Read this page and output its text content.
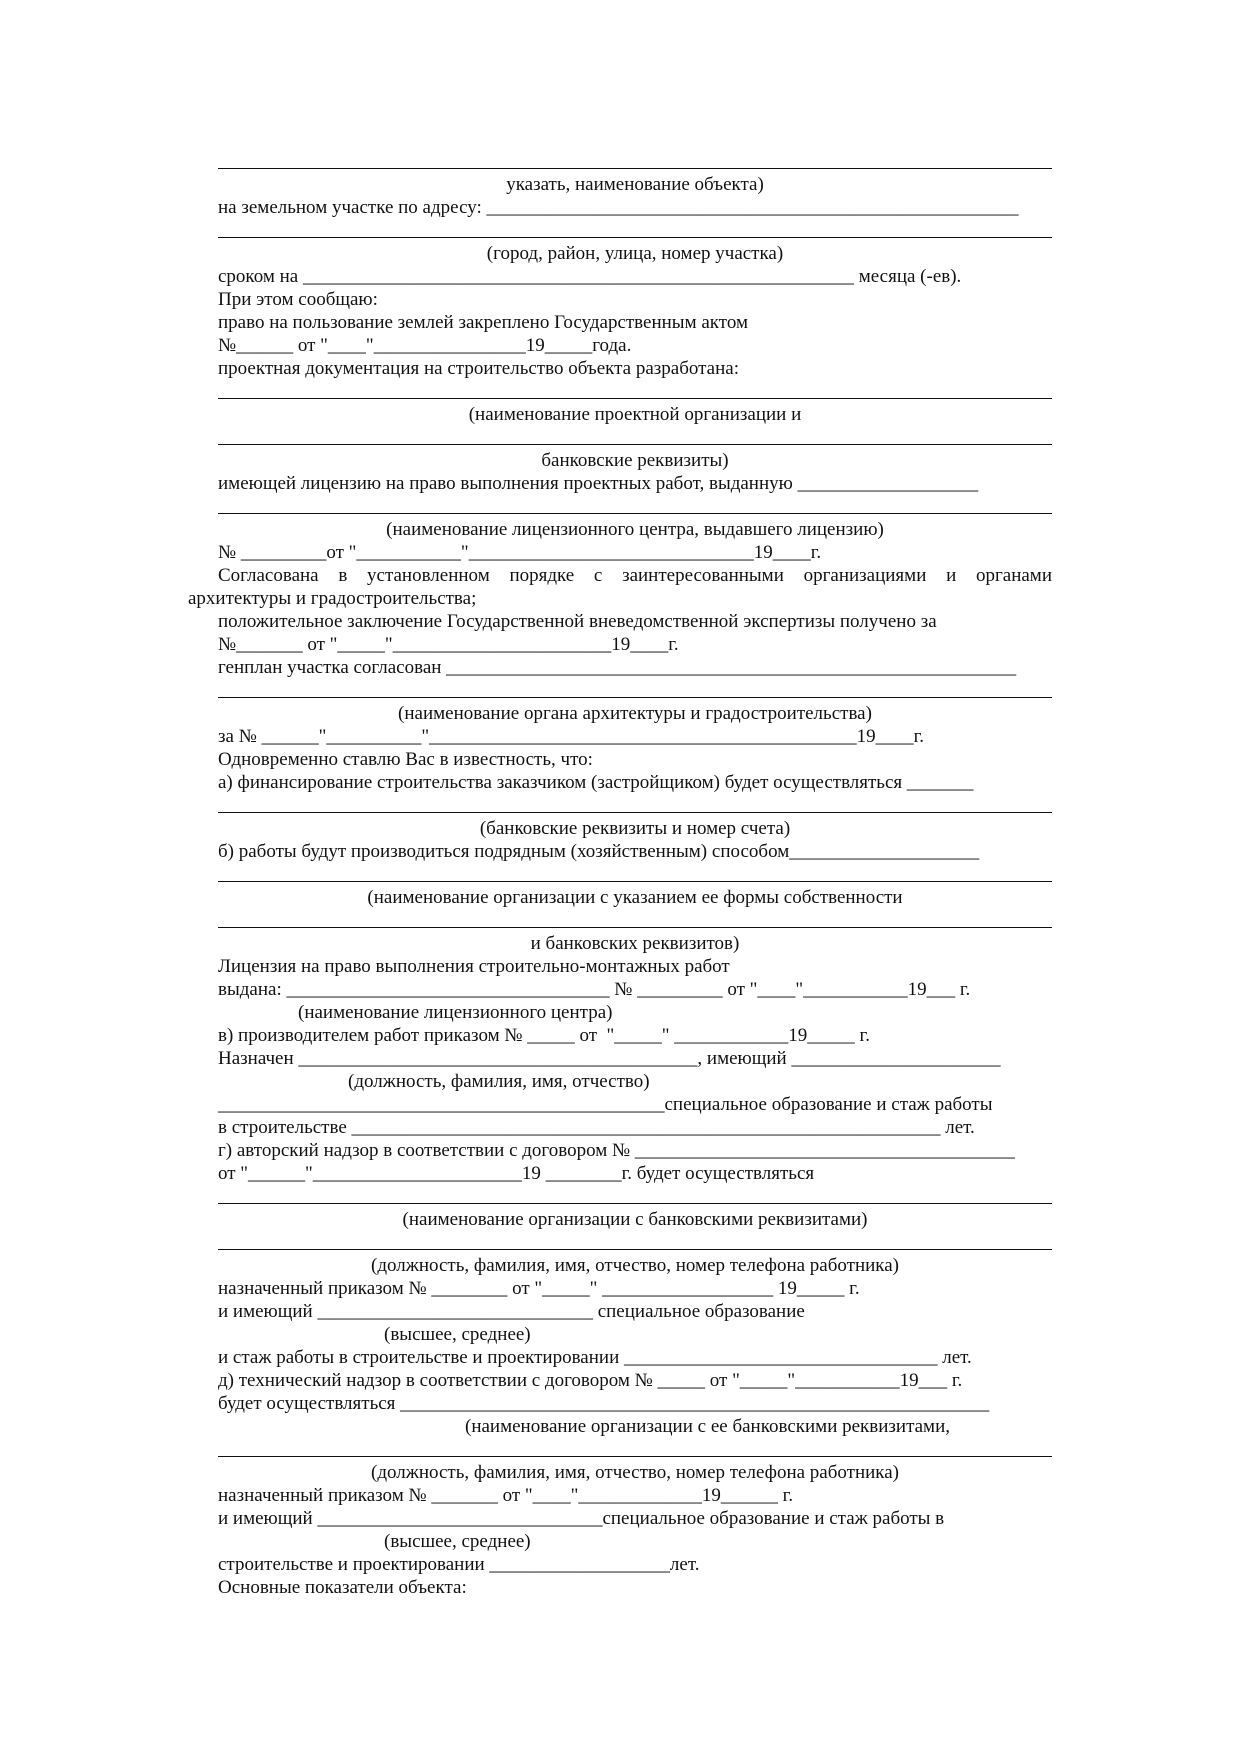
указать, наименование объекта)

на земельном участке по адресу: ________________________________________________________

(город, район, улица, номер участка)

сроком на __________________________________________________________ месяца (-ев).

При этом сообщаю:

право на пользование землей закреплено Государственным актом

№______ от "____"________________19_____года.

проектная документация на строительство объекта разработана:

(наименование проектной организации и

банковские реквизиты)

имеющей лицензию на право выполнения проектных работ, выданную ___________________

(наименование лицензионного центра, выдавшего лицензию)

№ _________от "___________"______________________________19____г.

Согласована в установленном порядке с заинтересованными организациями и органами

архитектуры и градостроительства;

положительное заключение Государственной вневедомственной экспертизы получено за

№_______ от "_____"_______________________19____г.

генплан участка согласован ____________________________________________________________

(наименование органа архитектуры и градостроительства)

за № ______"__________"_____________________________________________19____г.

Одновременно ставлю Вас в известность, что:

а) финансирование строительства заказчиком (застройщиком) будет осуществляться _______

(банковские реквизиты и номер счета)

б) работы будут производиться подрядным (хозяйственным) способом____________________

(наименование организации с указанием ее формы собственности

и банковских реквизитов)

Лицензия на право выполнения строительно-монтажных работ

выдана: __________________________________ № _________ от "____"___________19___ г.

(наименование лицензионного центра)

в) производителем работ приказом № _____ от  "_____" ____________19_____ г.

Назначен __________________________________________, имеющий ______________________

(должность, фамилия, имя, отчество)

_______________________________________________специальное образование и стаж работы

в строительстве ______________________________________________________________ лет.

г) авторский надзор в соответствии с договором № ________________________________________

от "______"______________________19 ________г. будет осуществляться

(наименование организации с банковскими реквизитами)

(должность, фамилия, имя, отчество, номер телефона работника)

назначенный приказом № ________ от "_____" __________________ 19_____ г.

и имеющий _____________________________ специальное образование

(высшее, среднее)

и стаж работы в строительстве и проектировании _________________________________ лет.

д) технический надзор в соответствии с договором № _____ от "_____"___________19___ г.

будет осуществляться ______________________________________________________________

(наименование организации с ее банковскими реквизитами,

(должность, фамилия, имя, отчество, номер телефона работника)

назначенный приказом № _______ от "____"_____________19______ г.

и имеющий ______________________________специальное образование и стаж работы в

(высшее, среднее)

строительстве и проектировании ___________________лет.

Основные показатели объекта:
